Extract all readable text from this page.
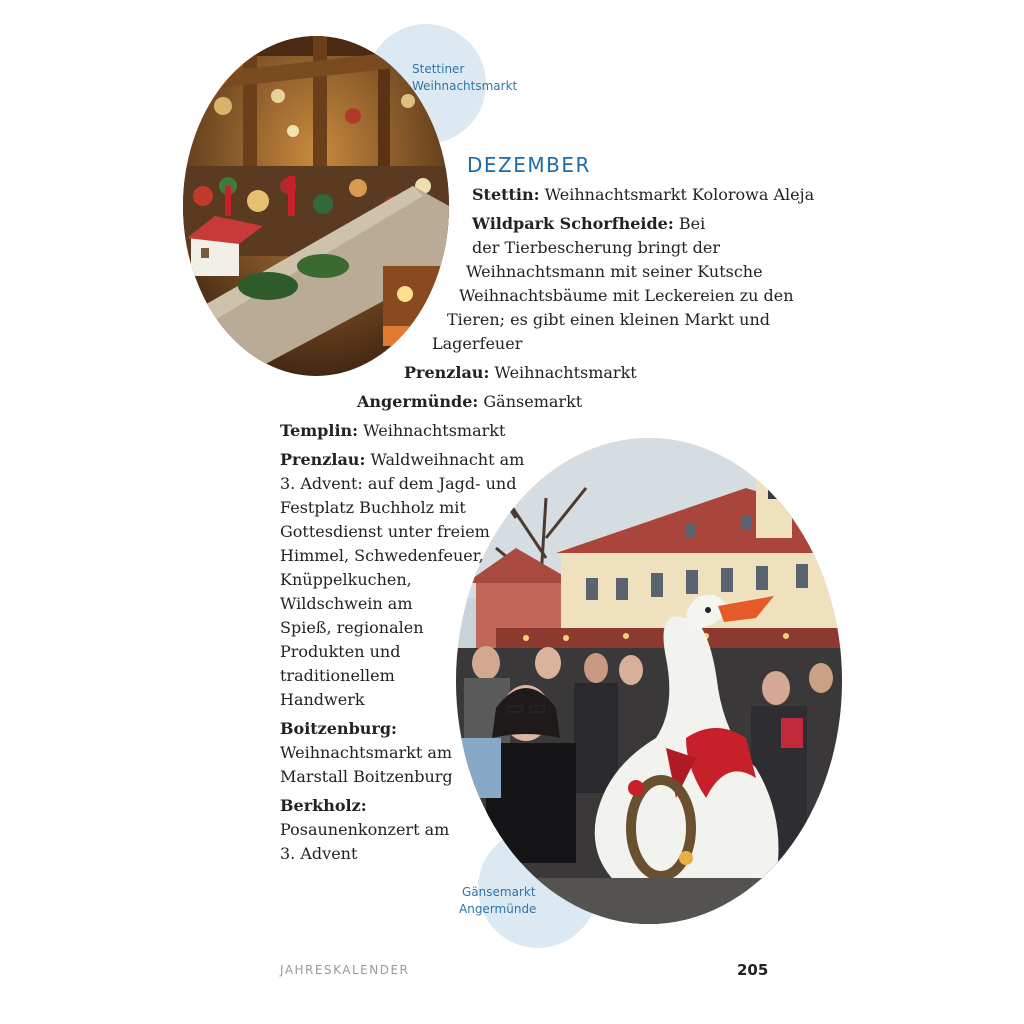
Stettiner
Weihnachtsmarkt
Gänsemarkt
Angermünde
DEZEMBER
Stettin: Weihnachtsmarkt Kolorowa Aleja
Wildpark Schorfheide: Bei
der Tierbescherung bringt der
Weihnachtsmann mit seiner Kutsche
Weihnachtsbäume mit Leckereien zu den
Tieren; es gibt einen kleinen Markt und
Lagerfeuer
Prenzlau: Weihnachtsmarkt
Angermünde: Gänsemarkt
Templin: Weihnachtsmarkt
Prenzlau: Waldweihnacht am
3. Advent: auf dem Jagd- und
Festplatz Buchholz mit
Gottesdienst unter freiem
Himmel, Schwedenfeuer,
Knüppelkuchen,
Wildschwein am
Spieß, regionalen
Produkten und
traditionellem
Handwerk
Boitzenburg:
Weihnachtsmarkt am
Marstall Boitzenburg
Berkholz:
Posaunenkonzert am
3. Advent
JAHRESKALENDER	205
